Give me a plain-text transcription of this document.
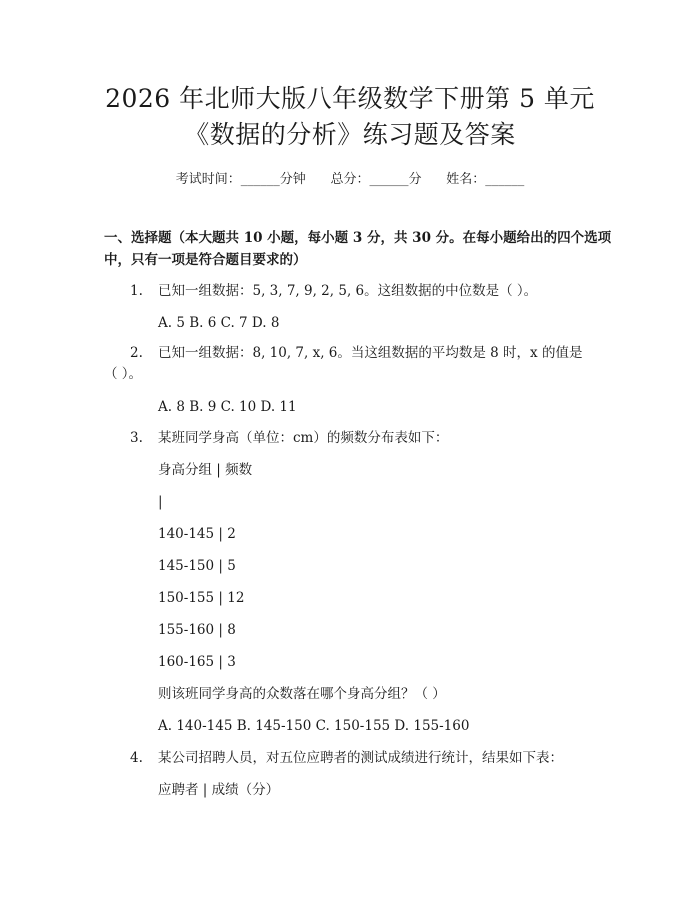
2026 年北师大版八年级数学下册第 5 单元
《数据的分析》练习题及答案
考试时间：______分钟      总分：______分      姓名：______
一、选择题（本大题共 10 小题，每小题 3 分，共 30 分。在每小题给出的四个选项中，只有一项是符合题目要求的）
1. 已知一组数据：5, 3, 7, 9, 2, 5, 6。这组数据的中位数是（ ）。
A. 5 B. 6 C. 7 D. 8
2. 已知一组数据：8, 10, 7, x, 6。当这组数据的平均数是 8 时，x 的值是（ ）。
A. 8 B. 9 C. 10 D. 11
3. 某班同学身高（单位：cm）的频数分布表如下：
身高分组 | 频数
|
140-145 | 2
145-150 | 5
150-155 | 12
155-160 | 8
160-165 | 3
则该班同学身高的众数落在哪个身高分组？（ ）
A. 140-145 B. 145-150 C. 150-155 D. 155-160
4. 某公司招聘人员，对五位应聘者的测试成绩进行统计，结果如下表：
应聘者 | 成绩（分）
